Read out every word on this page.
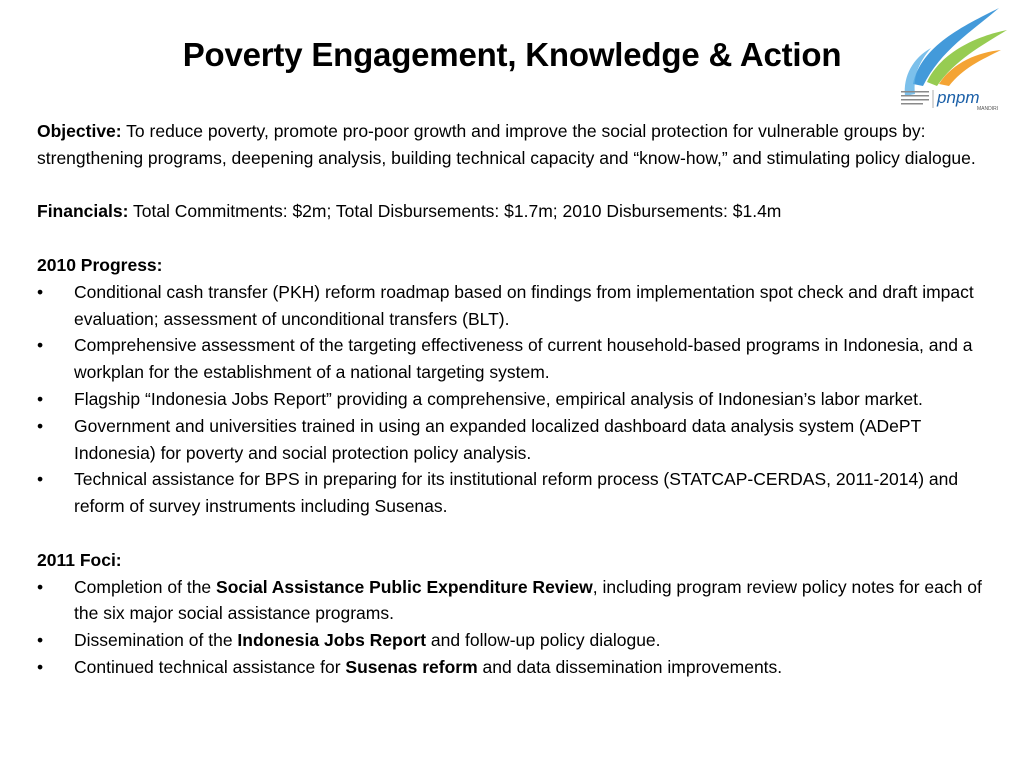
Poverty Engagement, Knowledge & Action
pnpm
MANDIRI

Objective: To reduce poverty, promote pro-poor growth and improve the social protection for vulnerable groups by: strengthening programs, deepening analysis, building technical capacity and “know-how,” and stimulating policy dialogue.

Financials: Total Commitments: $2m; Total Disbursements: $1.7m; 2010 Disbursements: $1.4m

2010 Progress:

• Conditional cash transfer (PKH) reform roadmap based on findings from implementation spot check and draft impact evaluation; assessment of unconditional transfers (BLT).
• Comprehensive assessment of the targeting effectiveness of current household-based programs in Indonesia, and a workplan for the establishment of a national targeting system.
• Flagship “Indonesia Jobs Report” providing a comprehensive, empirical analysis of Indonesian’s labor market.
• Government and universities trained in using an expanded localized dashboard data analysis system (ADePT Indonesia) for poverty and social protection policy analysis.
• Technical assistance for BPS in preparing for its institutional reform process (STATCAP-CERDAS, 2011-2014) and reform of survey instruments including Susenas.

2011 Foci:

• Completion of the Social Assistance Public Expenditure Review, including program review policy notes for each of the six major social assistance programs.
• Dissemination of the Indonesia Jobs Report and follow-up policy dialogue.
• Continued technical assistance for Susenas reform and data dissemination improvements.
